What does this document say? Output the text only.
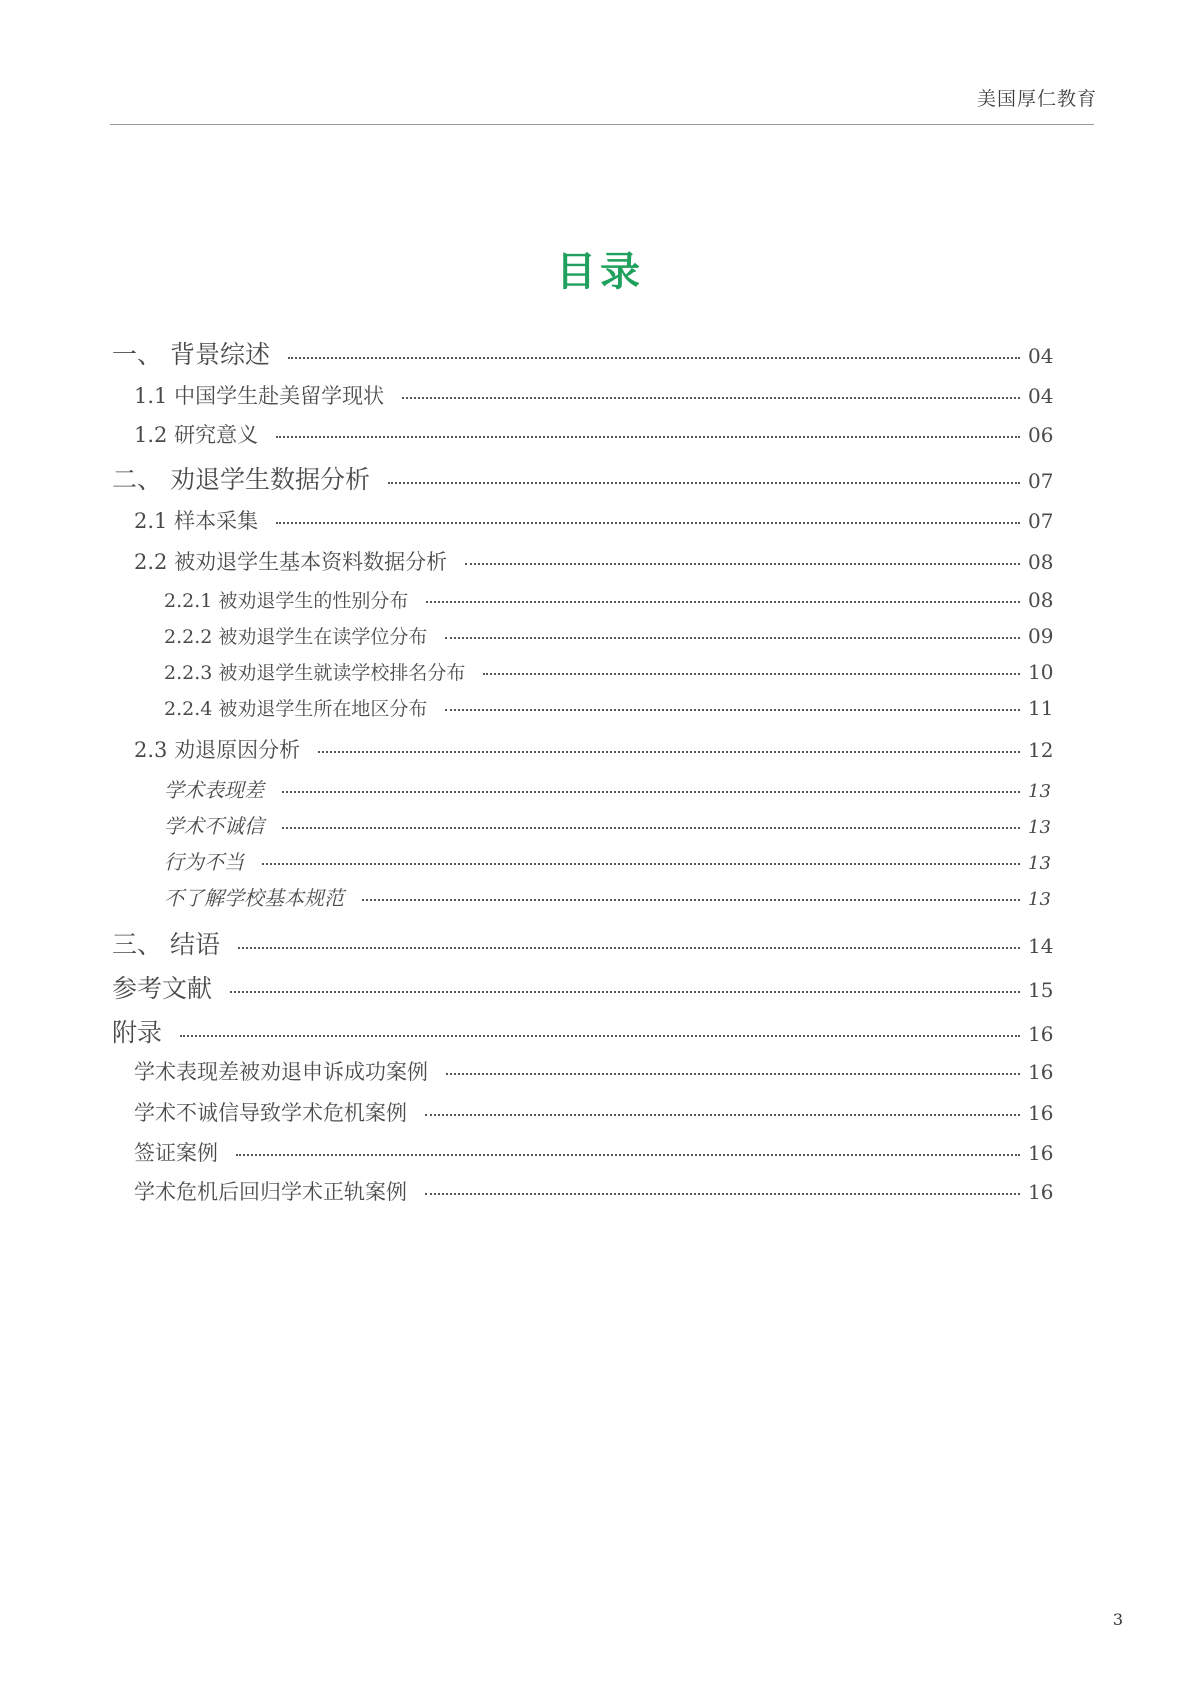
美国厚仁教育
目录
一、 背景综述	04
1.1 中国学生赴美留学现状	04
1.2 研究意义	06
二、 劝退学生数据分析	07
2.1 样本采集	07
2.2 被劝退学生基本资料数据分析	08
2.2.1 被劝退学生的性别分布	08
2.2.2 被劝退学生在读学位分布	09
2.2.3 被劝退学生就读学校排名分布	10
2.2.4 被劝退学生所在地区分布	11
2.3 劝退原因分析	12
学术表现差	13
学术不诚信	13
行为不当	13
不了解学校基本规范	13
三、 结语	14
参考文献	15
附录	16
学术表现差被劝退申诉成功案例	16
学术不诚信导致学术危机案例	16
签证案例	16
学术危机后回归学术正轨案例	16
3
